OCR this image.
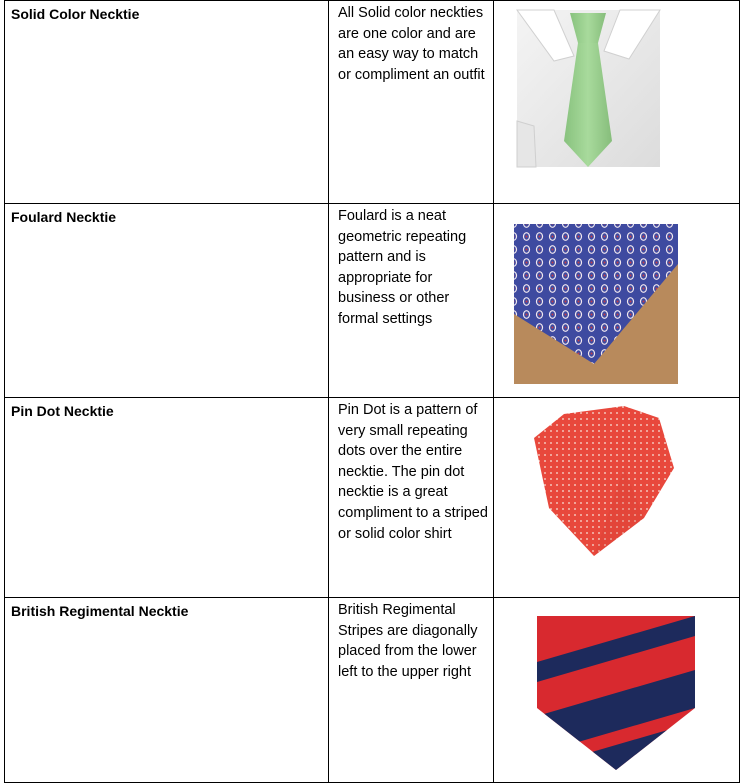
Solid Color Necktie	All Solid color neckties are one color and are an easy way to match or compliment an outfit

Foulard Necktie	Foulard is a neat geometric repeating pattern and is appropriate for business or other formal settings

Pin Dot Necktie	Pin Dot is a pattern of very small repeating dots over the entire necktie. The pin dot necktie is a great compliment to a striped or solid color shirt

British Regimental Necktie	British Regimental Stripes are diagonally placed from the lower left to the upper right
